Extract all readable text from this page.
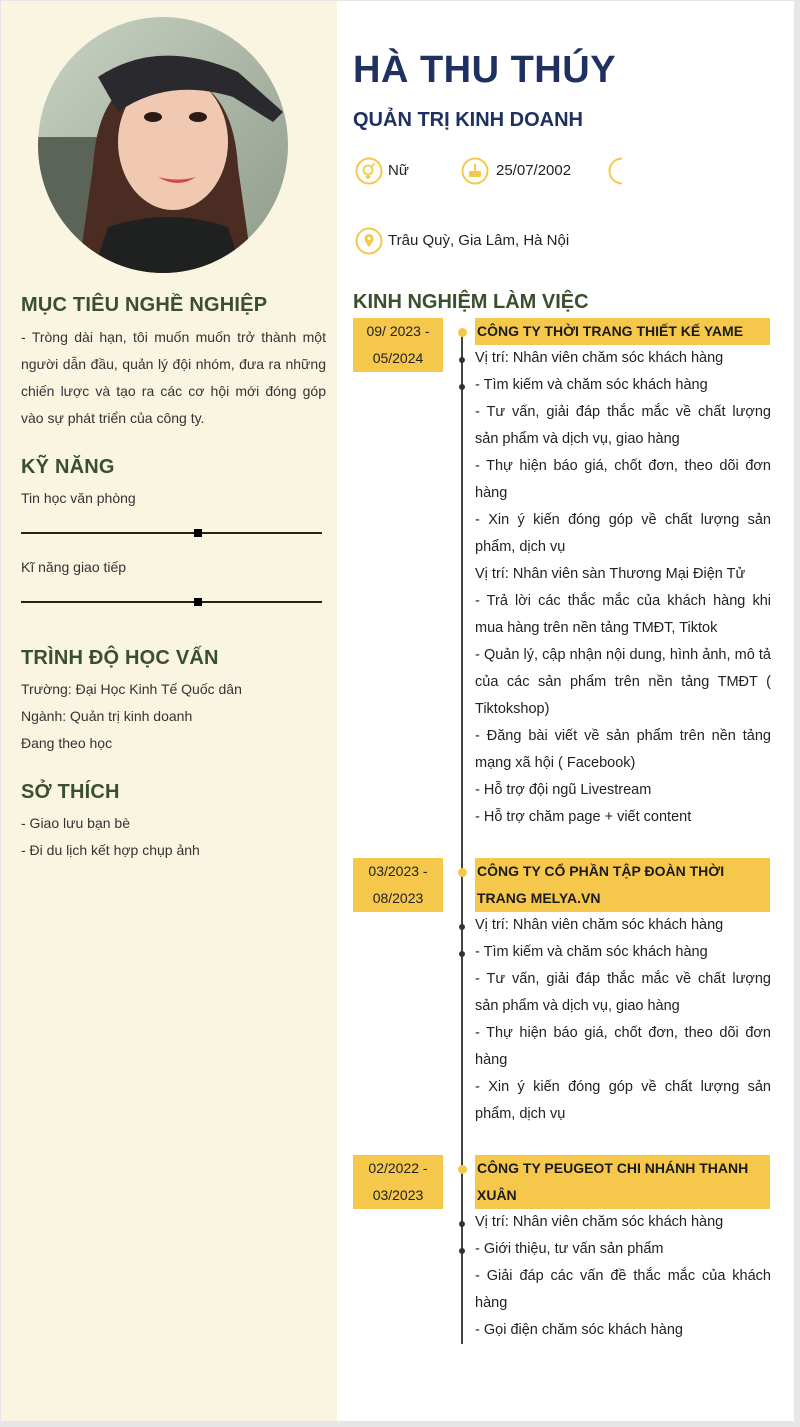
MỤC TIÊU NGHỀ NGHIỆP

- Tròng dài hạn, tôi muốn muốn trở thành một người dẫn đầu, quản lý đội nhóm, đưa ra những chiến lược và tạo ra các cơ hội mới đóng góp vào sự phát triển của công ty.

KỸ NĂNG

Tin học văn phòng

Kĩ năng giao tiếp

TRÌNH ĐỘ HỌC VẤN

Trường: Đại Học Kinh Tế Quốc dân

Ngành: Quản trị kinh doanh

Đang theo học

SỞ THÍCH

- Giao lưu bạn bè

- Đi du lịch kết hợp chụp ảnh

HÀ THU THÚY
QUẢN TRỊ KINH DOANH
Nữ	25/07/2002
Trâu Quỳ, Gia Lâm, Hà Nội
KINH NGHIỆM LÀM VIỆC
09/ 2023 -
05/2024
CÔNG TY THỜI TRANG THIẾT KẾ YAME
Vị trí: Nhân viên chăm sóc khách hàng
- Tìm kiếm và chăm sóc khách hàng
- Tư vấn, giải đáp thắc mắc về chất lượng sản phẩm và dịch vụ, giao hàng
- Thự hiện báo giá, chốt đơn, theo dõi đơn hàng
- Xin ý kiến đóng góp về chất lượng sản phẩm, dịch vụ
Vị trí: Nhân viên sàn Thương Mại Điện Tử
- Trả lời các thắc mắc của khách hàng khi mua hàng trên nền tảng TMĐT, Tiktok
- Quản lý, cập nhận nội dung, hình ảnh, mô tả của các sản phẩm trên nền tảng TMĐT ( Tiktokshop)
- Đăng bài viết về sản phẩm trên nền tảng mạng xã hội ( Facebook)
- Hỗ trợ đội ngũ Livestream
- Hỗ trợ chăm page + viết content
03/2023 -
08/2023
CÔNG TY CỔ PHẦN TẬP ĐOÀN THỜI TRANG MELYA.VN
Vị trí: Nhân viên chăm sóc khách hàng
- Tìm kiếm và chăm sóc khách hàng
- Tư vấn, giải đáp thắc mắc về chất lượng sản phẩm và dịch vụ, giao hàng
- Thự hiện báo giá, chốt đơn, theo dõi đơn hàng
- Xin ý kiến đóng góp về chất lượng sản phẩm, dịch vụ
02/2022 -
03/2023
CÔNG TY PEUGEOT CHI NHÁNH THANH XUÂN
Vị trí: Nhân viên chăm sóc khách hàng
- Giới thiệu, tư vấn sản phẩm
- Giải đáp các vấn đề thắc mắc của khách hàng
- Gọi điện chăm sóc khách hàng
